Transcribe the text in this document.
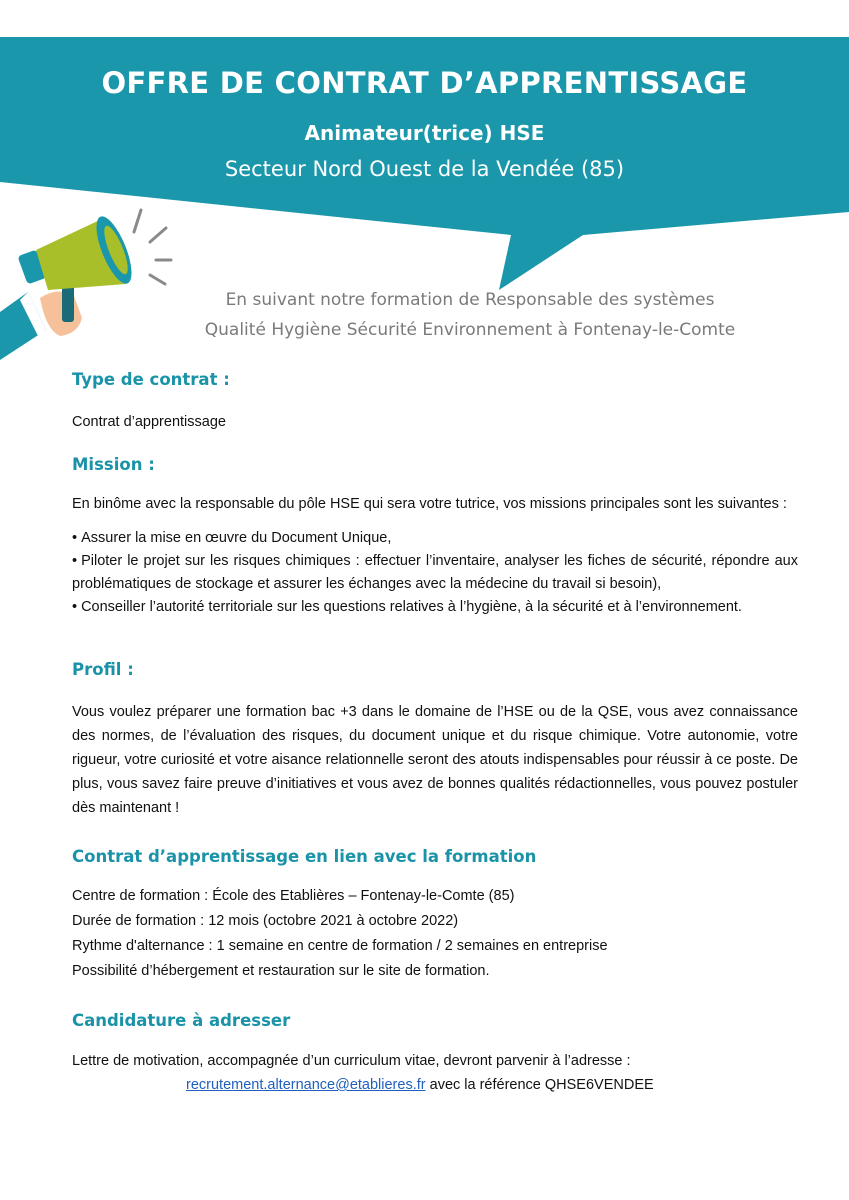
OFFRE DE CONTRAT D’APPRENTISSAGE
Animateur(trice) HSE
Secteur Nord Ouest de la Vendée (85)

En suivant notre formation de Responsable des systèmes

Qualité Hygiène Sécurité Environnement à Fontenay-le-Comte

Type de contrat :

Contrat d’apprentissage

Mission :

En binôme avec la responsable du pôle HSE qui sera votre tutrice, vos missions principales sont les suivantes :

• Assurer la mise en œuvre du Document Unique,
• Piloter le projet sur les risques chimiques : effectuer l’inventaire, analyser les fiches de sécurité, répondre aux problématiques de stockage et assurer les échanges avec la médecine du travail si besoin),
• Conseiller l’autorité territoriale sur les questions relatives à l’hygiène, à la sécurité et à l’environnement.

Profil :

Vous voulez préparer une formation bac +3 dans le domaine de l’HSE ou de la QSE, vous avez connaissance des normes, de l’évaluation des risques, du document unique et du risque chimique. Votre autonomie, votre rigueur, votre curiosité et votre aisance relationnelle seront des atouts indispensables pour réussir à ce poste. De plus, vous savez faire preuve d’initiatives et vous avez de bonnes qualités rédactionnelles, vous pouvez postuler dès maintenant !

Contrat d’apprentissage en lien avec la formation

Centre de formation : École des Etablières – Fontenay-le-Comte (85)

Durée de formation : 12 mois (octobre 2021 à octobre 2022)

Rythme d'alternance : 1 semaine en centre de formation / 2 semaines en entreprise

Possibilité d’hébergement et restauration sur le site de formation.

Candidature à adresser

Lettre de motivation, accompagnée d’un curriculum vitae, devront parvenir à l’adresse :

recrutement.alternance@etablieres.fr avec la référence QHSE6VENDEE
